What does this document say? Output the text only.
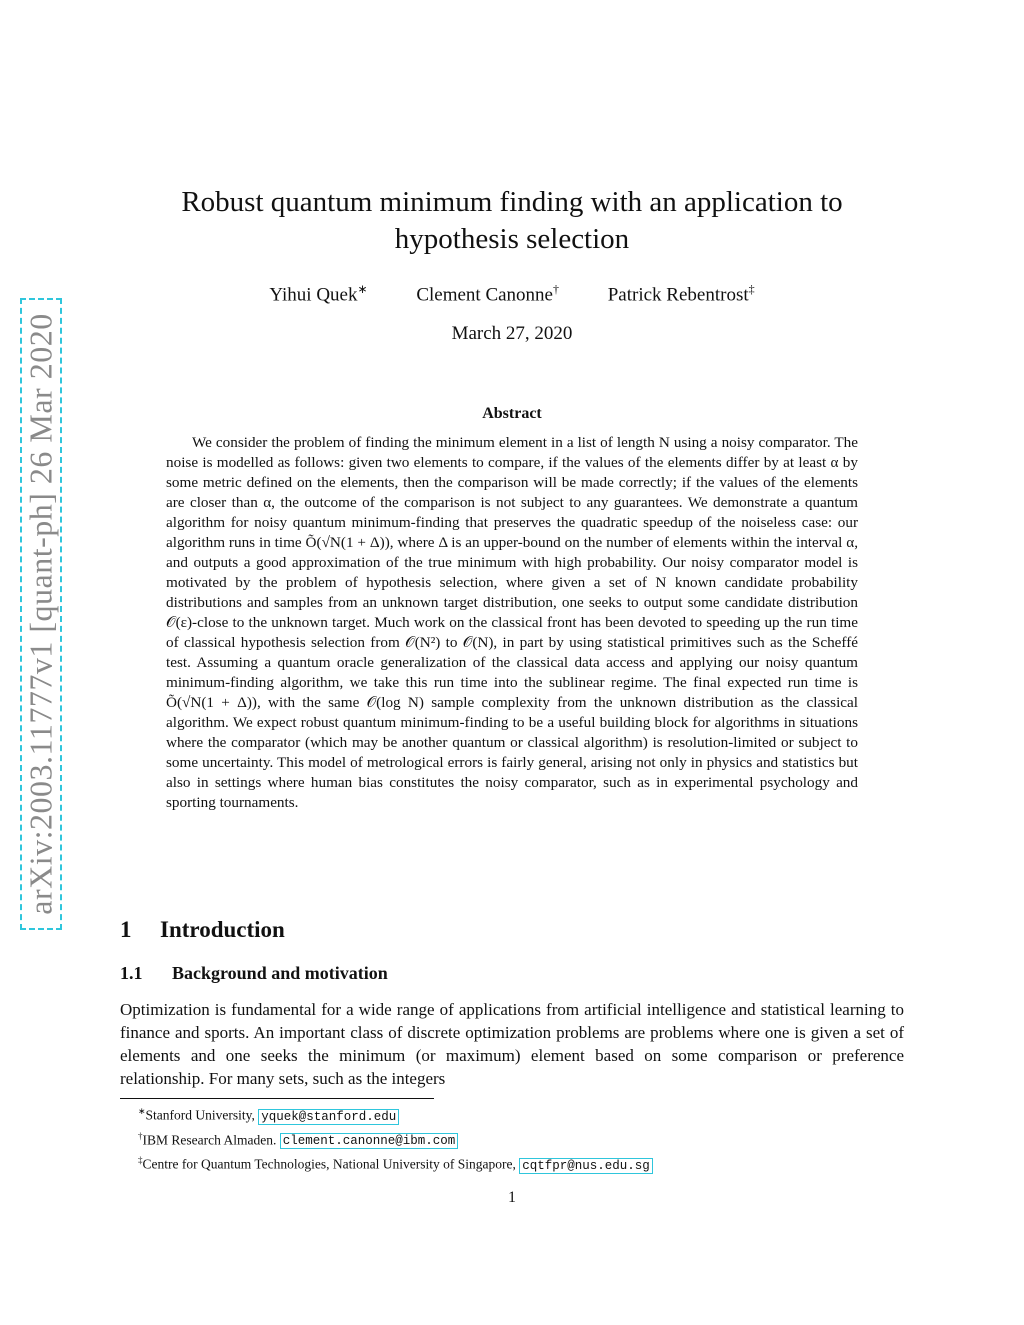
arXiv:2003.11777v1 [quant-ph] 26 Mar 2020
Robust quantum minimum finding with an application to hypothesis selection
Yihui Quek∗	Clement Canonne†	Patrick Rebentrost‡
March 27, 2020
Abstract

We consider the problem of finding the minimum element in a list of length N using a noisy comparator. The noise is modelled as follows: given two elements to compare, if the values of the elements differ by at least α by some metric defined on the elements, then the comparison will be made correctly; if the values of the elements are closer than α, the outcome of the comparison is not subject to any guarantees. We demonstrate a quantum algorithm for noisy quantum minimum-finding that preserves the quadratic speedup of the noiseless case: our algorithm runs in time Õ(√N(1 + Δ)), where Δ is an upper-bound on the number of elements within the interval α, and outputs a good approximation of the true minimum with high probability. Our noisy comparator model is motivated by the problem of hypothesis selection, where given a set of N known candidate probability distributions and samples from an unknown target distribution, one seeks to output some candidate distribution 𝒪(ε)-close to the unknown target. Much work on the classical front has been devoted to speeding up the run time of classical hypothesis selection from 𝒪(N²) to 𝒪(N), in part by using statistical primitives such as the Scheffé test. Assuming a quantum oracle generalization of the classical data access and applying our noisy quantum minimum-finding algorithm, we take this run time into the sublinear regime. The final expected run time is Õ(√N(1 + Δ)), with the same 𝒪(log N) sample complexity from the unknown distribution as the classical algorithm. We expect robust quantum minimum-finding to be a useful building block for algorithms in situations where the comparator (which may be another quantum or classical algorithm) is resolution-limited or subject to some uncertainty. This model of metrological errors is fairly general, arising not only in physics and statistics but also in settings where human bias constitutes the noisy comparator, such as in experimental psychology and sporting tournaments.

1 Introduction
1.1 Background and motivation

Optimization is fundamental for a wide range of applications from artificial intelligence and statistical learning to finance and sports. An important class of discrete optimization problems are problems where one is given a set of elements and one seeks the minimum (or maximum) element based on some comparison or preference relationship. For many sets, such as the integers

∗Stanford University, yquek@stanford.edu
†IBM Research Almaden. clement.canonne@ibm.com
‡Centre for Quantum Technologies, National University of Singapore, cqtfpr@nus.edu.sg
1
